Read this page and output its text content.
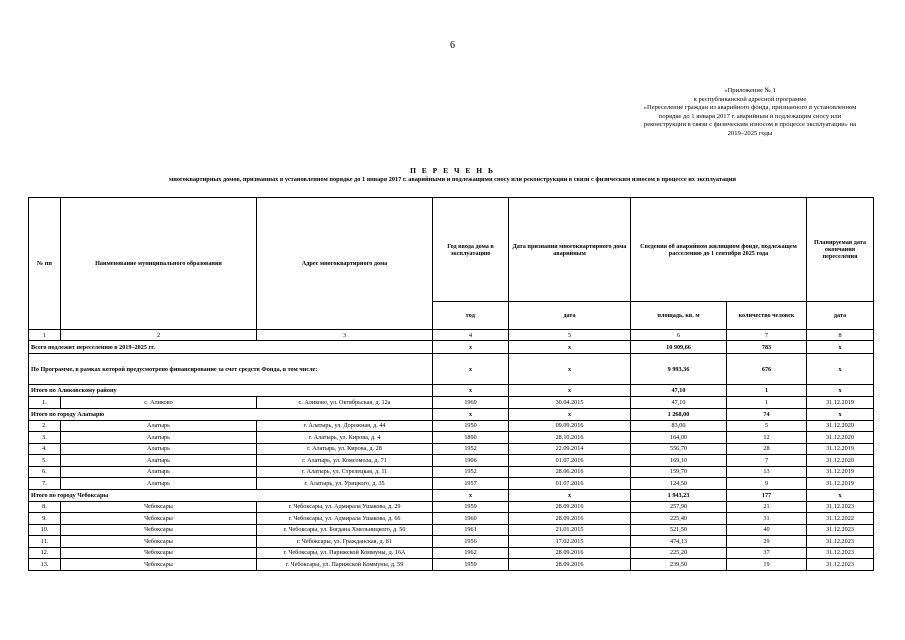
6
«Приложение № 1
к республиканской адресной программе
«Переселение граждан из аварийного фонда, признанного в установленном
порядке до 1 января 2017 г. аварийным и подлежащим сносу или
реконструкции в связи с физическим износом в процессе эксплуатации» на
2019–2025 годы
П Е Р Е Ч Е Н Ь
многоквартирных домов, признанных в установленном порядке до 1 января 2017 г. аварийными и подлежащими сносу или реконструкции в связи с физическим износом в процессе их эксплуатации
№ пп	Наименование муниципального образования	Адрес многоквартирного дома	Год ввода дома в эксплуатацию	Дата признания многоквартирного дома аварийным	Сведения об аварийном жилищном фонде, подлежащем расселению до 1 сентября 2025 года		Планируемая дата окончания переселения
			год	дата	площадь, кв. м	количество человек	дата
1	2	3	4	5	6	7	8
Всего подлежит переселению в 2019–2025 гг.			x	x	10 909,66	783	x
По Программе, в рамках которой предусмотрено финансирование за счет средств Фонда, в том числе:			x	x	9 993,36	676	x
Итого по Аликовскому району			x	x	47,10	1	x
1.	с. Аликово	с. Аликово, ул. Октябрьская, д. 12а	1969	30.04.2015	47,10	1	31.12.2019
Итого по городу Алатырю			x	x	1 268,00	74	x
2.	Алатырь	г. Алатырь, ул. Дорожная, д. 44	1950	09.09.2016	83,00	5	31.12.2020
3.	Алатырь	г. Алатырь, ул. Кирова, д. 4	1890	28.10.2016	164,00	12	31.12.2020
4.	Алатырь	г. Алатырь, ул. Кирова, д. 28	1952	22.09.2014	556,70	28	31.12.2019
5.	Алатырь	г. Алатырь, ул. Комсомола, д. 71	1906	01.07.2016	169,10	7	31.12.2020
6.	Алатырь	г. Алатырь, ул. Стрелецкая, д. 11	1952	28.06.2016	159,70	13	31.12.2019
7.	Алатырь	г. Алатырь, ул. Урицкого, д. 35	1957	01.07.2016	124,50	9	31.12.2019
Итого по городу Чебоксары			x	x	1 943,23	177	x
8.	Чебоксары	г. Чебоксары, ул. Адмирала Ушакова, д. 29	1959	28.09.2016	257,90	21	31.12.2023
9.	Чебоксары	г. Чебоксары, ул. Адмирала Ушакова, д. 66	1960	28.09.2016	225,40	31	31.12.2022
10.	Чебоксары	г. Чебоксары, ул. Богдана Хмельницкого, д. 50	1961	21.01.2015	521,50	40	31.12.2023
11.	Чебоксары	г. Чебоксары, ул. Гражданская, д. 81	1956	17.02.2015	474,13	29	31.12.2023
12.	Чебоксары	г. Чебоксары, ул. Парижской Коммуны, д. 16А	1962	28.09.2016	225,20	37	31.12.2023
13.	Чебоксары	г. Чебоксары, ул. Парижской Коммуны, д. 59	1959	28.09.2016	239,50	19	31.12.2023
